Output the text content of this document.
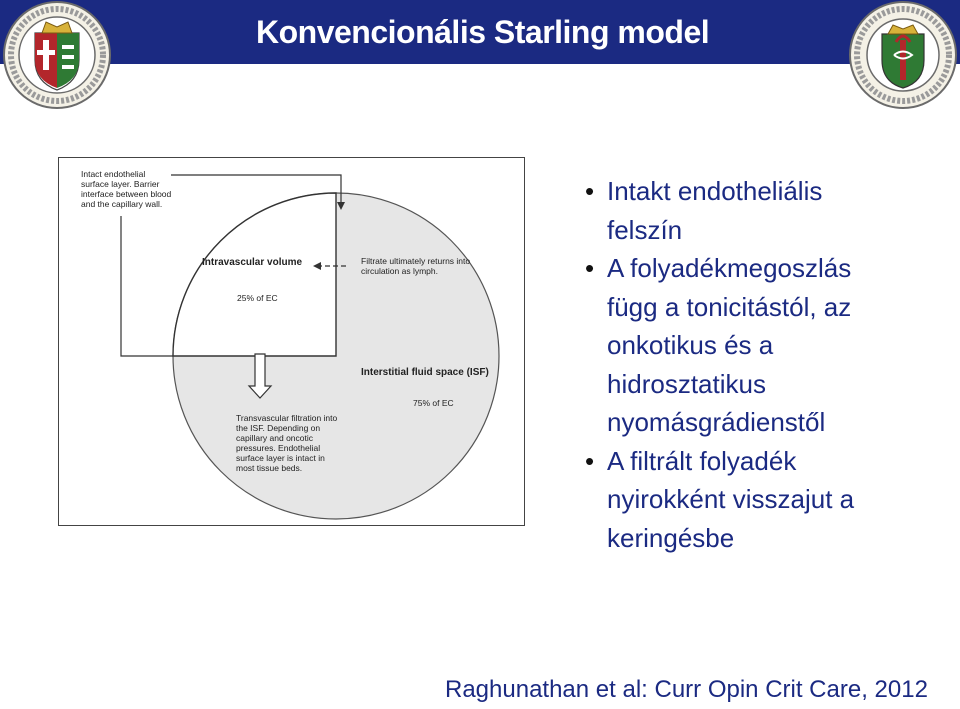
Konvencionális Starling model
Intact endothelial
surface layer. Barrier
interface between blood
and the capillary wall.
Intravascular volume
25% of EC
Filtrate ultimately returns into
circulation as lymph.
Interstitial fluid space (ISF)
75% of EC
Transvascular filtration into
the ISF. Depending on
capillary and oncotic
pressures. Endothelial
surface layer is intact in
most tissue beds.
• Intakt endotheliális
felszín
• A folyadékmegoszlás
függ a tonicitástól, az
onkotikus és a
hidrosztatikus
nyomásgrádienstől
• A filtrált folyadék
nyirokként visszajut a
keringésbe
Raghunathan et al: Curr Opin Crit Care, 2012
